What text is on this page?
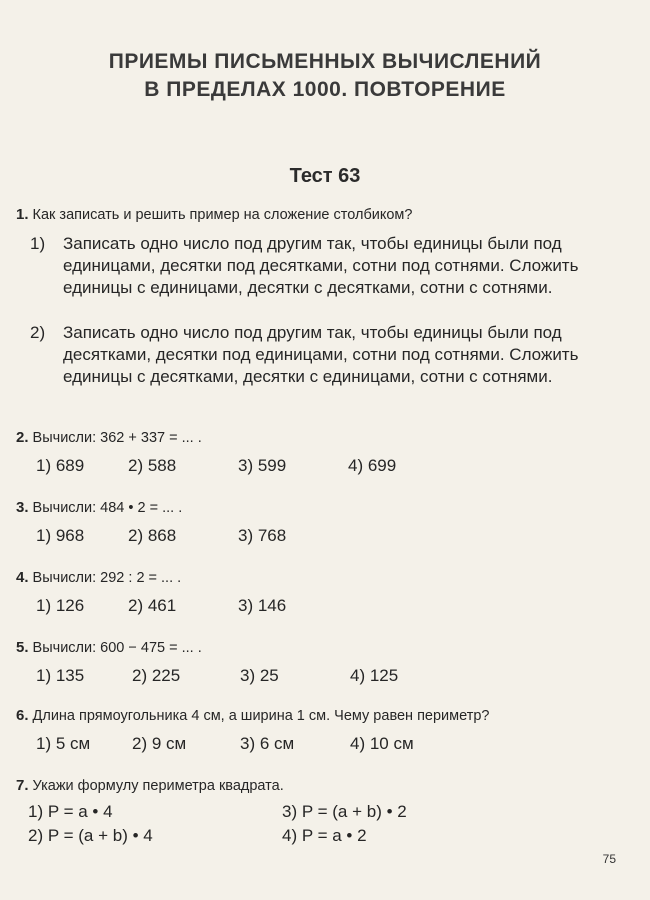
ПРИЕМЫ ПИСЬМЕННЫХ ВЫЧИСЛЕНИЙ
В ПРЕДЕЛАХ 1000. ПОВТОРЕНИЕ
Тест 63
1. Как записать и решить пример на сложение столбиком?
1) Записать одно число под другим так, чтобы единицы были под единицами, десятки под десятками, сотни под сотнями. Сложить единицы с единицами, десятки с десятками, сотни с сотнями.
2) Записать одно число под другим так, чтобы единицы были под десятками, десятки под единицами, сотни под сотнями. Сложить единицы с десятками, десятки с единицами, сотни с сотнями.
2. Вычисли: 362 + 337 = ... .
1) 689	2) 588	3) 599	4) 699
3. Вычисли: 484 • 2 = ... .
1) 968	2) 868	3) 768
4. Вычисли: 292 : 2 = ... .
1) 126	2) 461	3) 146
5. Вычисли: 600 − 475 = ... .
1) 135	2) 225	3) 25	4) 125
6. Длина прямоугольника 4 см, а ширина 1 см. Чему равен периметр?
1) 5 см	2) 9 см	3) 6 см	4) 10 см
7. Укажи формулу периметра квадрата.
1) P = a • 4	3) P = (a + b) • 2
2) P = (a + b) • 4	4) P = a • 2
75
